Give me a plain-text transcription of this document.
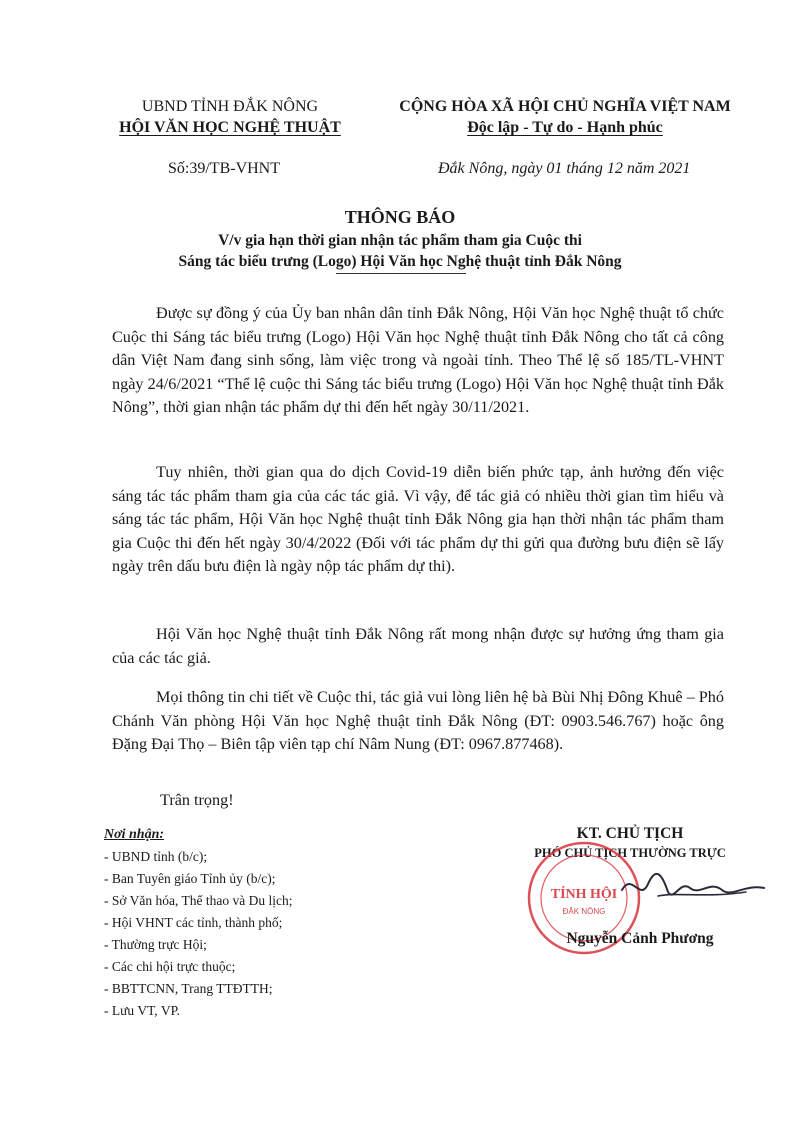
UBND TỈNH ĐẮK NÔNG
HỘI VĂN HỌC NGHỆ THUẬT
CỘNG HÒA XÃ HỘI CHỦ NGHĨA VIỆT NAM
Độc lập - Tự do - Hạnh phúc
Số:39/TB-VHNT	Đắk Nông, ngày 01 tháng 12 năm 2021
THÔNG BÁO
V/v gia hạn thời gian nhận tác phẩm tham gia Cuộc thi
Sáng tác biểu trưng (Logo) Hội Văn học Nghệ thuật tỉnh Đắk Nông
Được sự đồng ý của Ủy ban nhân dân tỉnh Đắk Nông, Hội Văn học Nghệ thuật tổ chức Cuộc thi Sáng tác biểu trưng (Logo) Hội Văn học Nghệ thuật tỉnh Đắk Nông cho tất cả công dân Việt Nam đang sinh sống, làm việc trong và ngoài tỉnh. Theo Thể lệ số 185/TL-VHNT ngày 24/6/2021 “Thể lệ cuộc thi Sáng tác biểu trưng (Logo) Hội Văn học Nghệ thuật tỉnh Đắk Nông”, thời gian nhận tác phẩm dự thi đến hết ngày 30/11/2021.
Tuy nhiên, thời gian qua do dịch Covid-19 diễn biến phức tạp, ảnh hưởng đến việc sáng tác tác phẩm tham gia của các tác giả. Vì vậy, để tác giả có nhiều thời gian tìm hiểu và sáng tác tác phẩm, Hội Văn học Nghệ thuật tỉnh Đắk Nông gia hạn thời nhận tác phẩm tham gia Cuộc thi đến hết ngày 30/4/2022 (Đối với tác phẩm dự thi gửi qua đường bưu điện sẽ lấy ngày trên dấu bưu điện là ngày nộp tác phẩm dự thi).
Hội Văn học Nghệ thuật tỉnh Đắk Nông rất mong nhận được sự hưởng ứng tham gia của các tác giả.
Mọi thông tin chi tiết về Cuộc thi, tác giả vui lòng liên hệ bà Bùi Nhị Đông Khuê – Phó Chánh Văn phòng Hội Văn học Nghệ thuật tỉnh Đắk Nông (ĐT: 0903.546.767) hoặc ông Đặng Đại Thọ – Biên tập viên tạp chí Nâm Nung (ĐT: 0967.877468).
Trân trọng!
Nơi nhận:
- UBND tỉnh (b/c);
- Ban Tuyên giáo Tỉnh ủy (b/c);
- Sở Văn hóa, Thể thao và Du lịch;
- Hội VHNT các tỉnh, thành phố;
- Thường trực Hội;
- Các chi hội trực thuộc;
- BBTTCNN, Trang TTĐTTH;
- Lưu VT, VP.
KT. CHỦ TỊCH
PHÓ CHỦ TỊCH THƯỜNG TRỰC
TỈNH HỘI
ĐẮK NÔNG
Nguyễn Cảnh Phương
